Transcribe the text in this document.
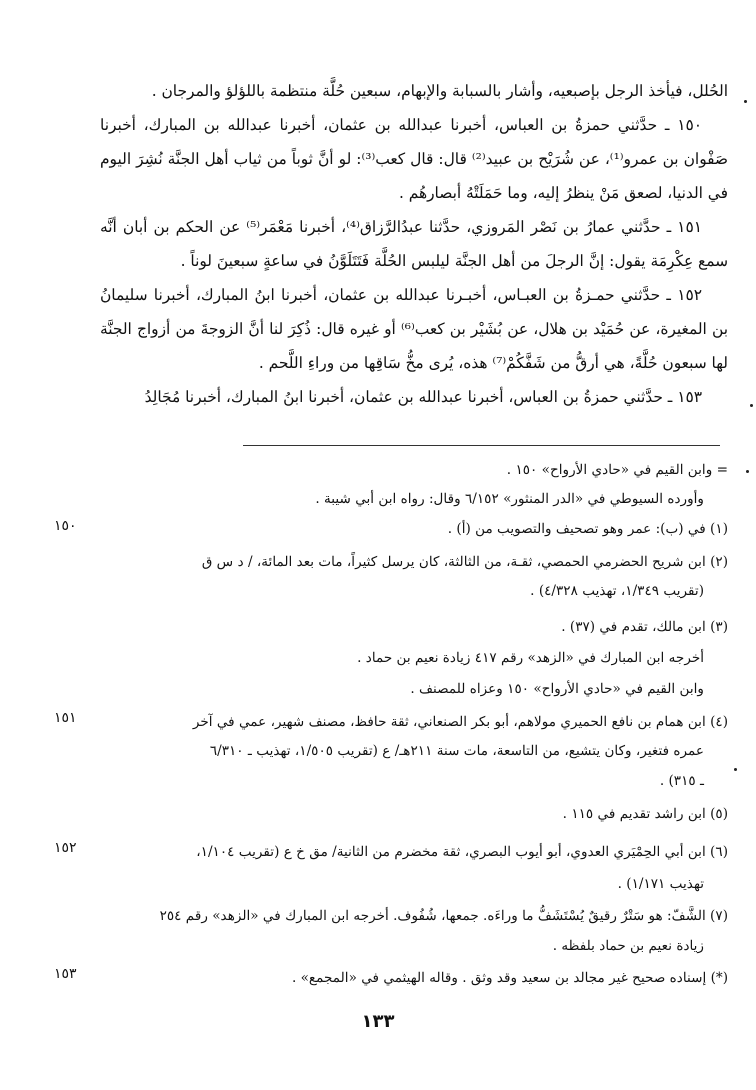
الحُلل، فيأخذ الرجل بإصبعيه، وأشار بالسبابة والإبهام، سبعين حُلَّة منتظمة باللؤلؤ والمرجان .

١٥٠ ـ حدَّثني حمزةُ بن العباس، أخبرنا عبدالله بن عثمان، أخبرنا عبدالله بن المبارك، أخبرنا صَفْوان بن عمرو⁽¹⁾، عن شُرَيْح بن عبيد⁽²⁾ قال: قال كعب⁽³⁾: لو أنَّ ثوباً من ثياب أهل الجنَّة نُشِرَ اليوم في الدنيا، لصعق مَنْ ينظرُ إليه، وما حَمَلَتْهُ أبصارهُم .

١٥١ ـ حدَّثني عمارُ بن نَصْر المَروزي، حدَّثنا عبدُالرَّزاق⁽⁴⁾، أخبرنا مَعْمَر⁽⁵⁾ عن الحكم بن أبان أنَّه سمع عِكْرِمَة يقول: إنَّ الرجلَ من أهل الجنَّة ليلبس الحُلَّة فَتَتَلَوَّنُ في ساعةٍ سبعينَ لوناً .

١٥٢ ـ حدَّثني حمـزةُ بن العبـاس، أخبـرنا عبدالله بن عثمان، أخبرنا ابنُ المبارك، أخبرنا سليمانُ بن المغيرة، عن حُمَيْد بن هلال، عن بُشَيْر بن كعب⁽⁶⁾ أو غيره قال: ذُكِرَ لنا أنَّ الزوجةَ من أزواج الجنَّة لها سبعون حُلَّةً، هي أرقُّ من شَفَّكُمْ⁽⁷⁾ هذه، يُرى مخُّ سَاقِها من وراءِ اللَّحم .

١٥٣ ـ حدَّثني حمزةُ بن العباس، أخبرنا عبدالله بن عثمان، أخبرنا ابنُ المبارك، أخبرنا مُجَالِدُ

= وابن القيم في «حادي الأرواح» ١٥٠ .
وأورده السيوطي في «الدر المنثور» ٦/١٥٢ وقال: رواه ابن أبي شيبة .
(١) في (ب): عمر وهو تصحيف والتصويب من (أ) .
(٢) ابن شريح الحضرمي الحمصي، ثقـة، من الثالثة، كان يرسل كثيراً، مات بعد المائة، / د س ق
(تقريب ١/٣٤٩، تهذيب ٤/٣٢٨) .
(٣) ابن مالك، تقدم في (٣٧) .
أخرجه ابن المبارك في «الزهد» رقم ٤١٧ زيادة نعيم بن حماد .
وابن القيم في «حادي الأرواح» ١٥٠ وعزاه للمصنف .
(٤) ابن همام بن نافع الحميري مولاهم، أبو بكر الصنعاني، ثقة حافظ، مصنف شهير، عمي في آخر
عمره فتغير، وكان يتشيع، من التاسعة، مات سنة ٢١١هـ/ ع (تقريب ١/٥٠٥، تهذيب ـ ٦/٣١٠
ـ ٣١٥) .
(٥) ابن راشد تقديم في ١١٥ .
(٦) ابن أبي الحِمْيَري العدوي، أبو أيوب البصري، ثقة مخضرم من الثانية/ مق خ ع (تقريب ١/١٠٤،
تهذيب ١/١٧١) .
(٧) الشَّفّ: هو سَتْرٌ رقيقٌ يُسْتَشَفُّ ما وراءَه. جمعها، شُفُوف. أخرجه ابن المبارك في «الزهد» رقم ٢٥٤
زيادة نعيم بن حماد بلفظه .
(*) إسناده صحيح غير مجالد بن سعيد وقد وثق . وقاله الهيثمي في «المجمع» .
١٥٠
١٥١
١٥٢
١٥٣
١٣٣
